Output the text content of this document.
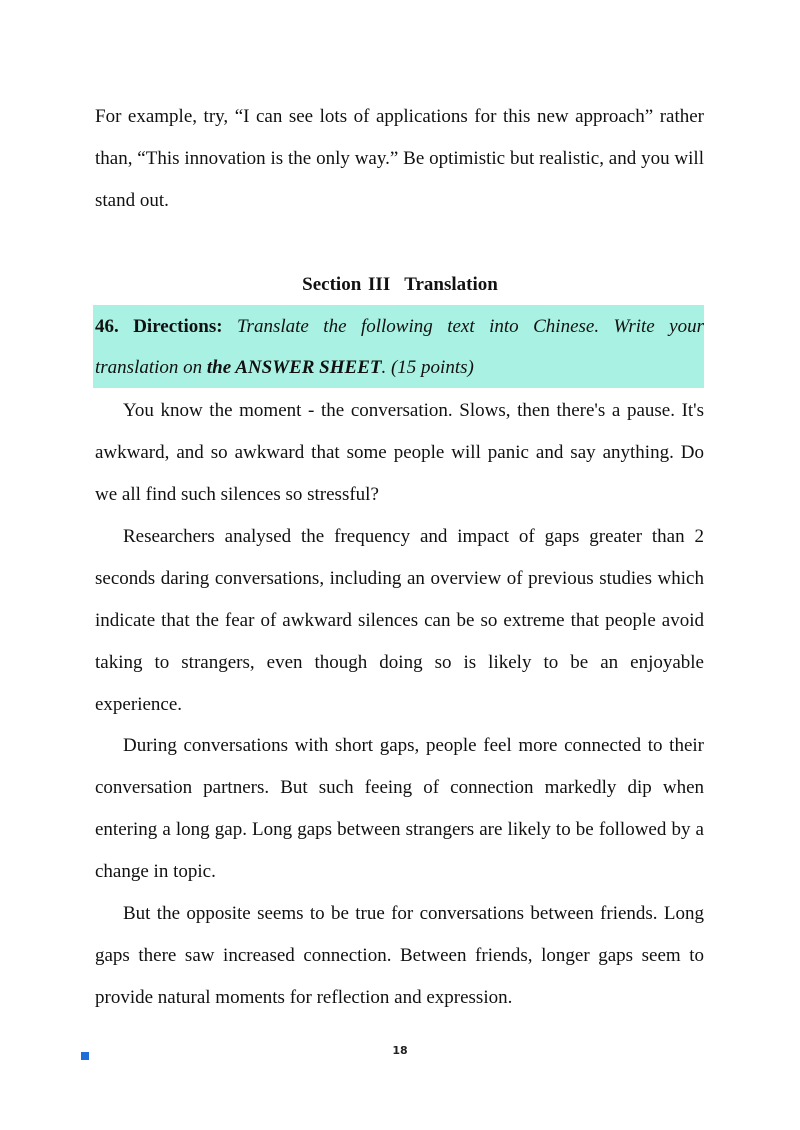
For example, try, “I can see lots of applications for this new approach” rather than, “This innovation is the only way.” Be optimistic but realistic, and you will stand out.

Section III Translation

46. Directions: Translate the following text into Chinese. Write your translation on the ANSWER SHEET. (15 points)

You know the moment - the conversation. Slows, then there's a pause. It's awkward, and so awkward that some people will panic and say anything. Do we all find such silences so stressful?

Researchers analysed the frequency and impact of gaps greater than 2 seconds daring conversations, including an overview of previous studies which indicate that the fear of awkward silences can be so extreme that people avoid taking to strangers, even though doing so is likely to be an enjoyable experience.

During conversations with short gaps, people feel more connected to their conversation partners. But such feeing of connection markedly dip when entering a long gap. Long gaps between strangers are likely to be followed by a change in topic.

But the opposite seems to be true for conversations between friends. Long gaps there saw increased connection. Between friends, longer gaps seem to provide natural moments for reflection and expression.

18
